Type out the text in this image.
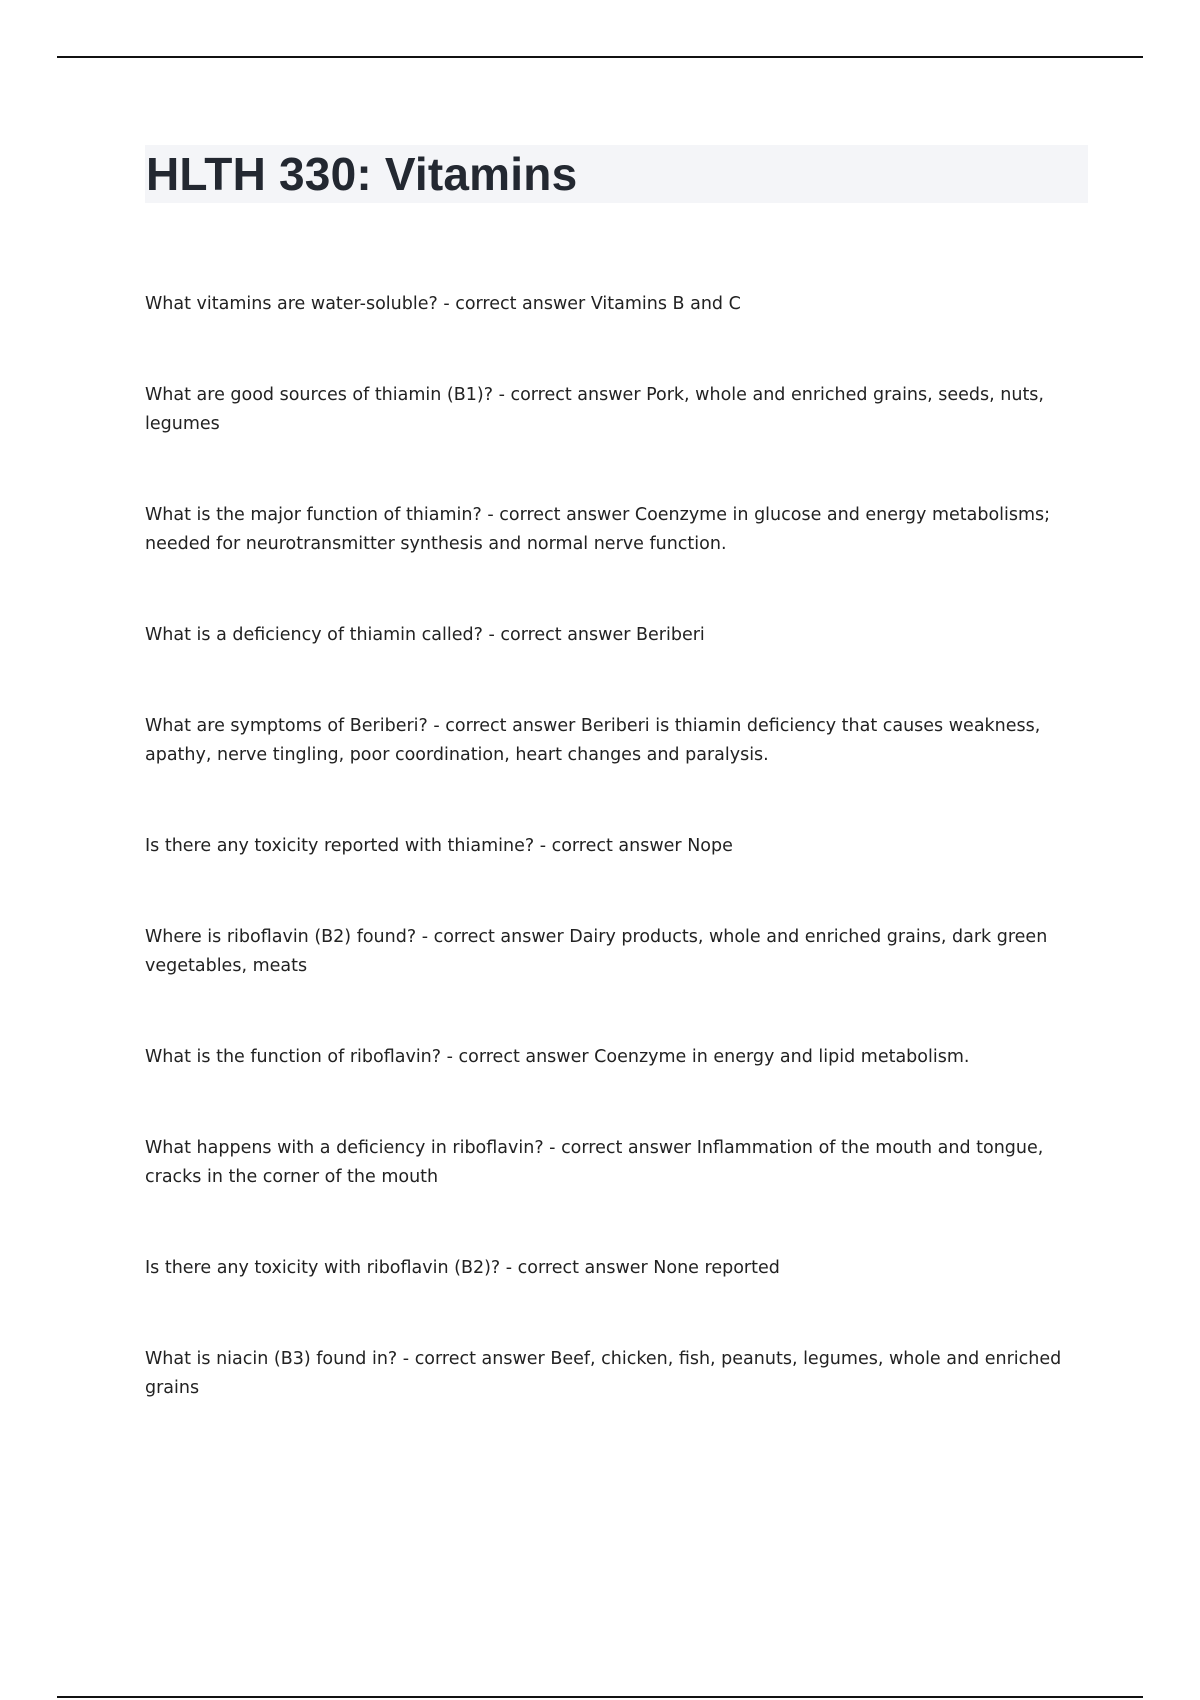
HLTH 330: Vitamins
What vitamins are water-soluble? - correct answer Vitamins B and C
What are good sources of thiamin (B1)? - correct answer Pork, whole and enriched grains, seeds, nuts, legumes
What is the major function of thiamin? - correct answer Coenzyme in glucose and energy metabolisms; needed for neurotransmitter synthesis and normal nerve function.
What is a deficiency of thiamin called? - correct answer Beriberi
What are symptoms of Beriberi? - correct answer Beriberi is thiamin deficiency that causes weakness, apathy, nerve tingling, poor coordination, heart changes and paralysis.
Is there any toxicity reported with thiamine? - correct answer Nope
Where is riboflavin (B2) found? - correct answer Dairy products, whole and enriched grains, dark green vegetables, meats
What is the function of riboflavin? - correct answer Coenzyme in energy and lipid metabolism.
What happens with a deficiency in riboflavin? - correct answer Inflammation of the mouth and tongue, cracks in the corner of the mouth
Is there any toxicity with riboflavin (B2)? - correct answer None reported
What is niacin (B3) found in? - correct answer Beef, chicken, fish, peanuts, legumes, whole and enriched grains
